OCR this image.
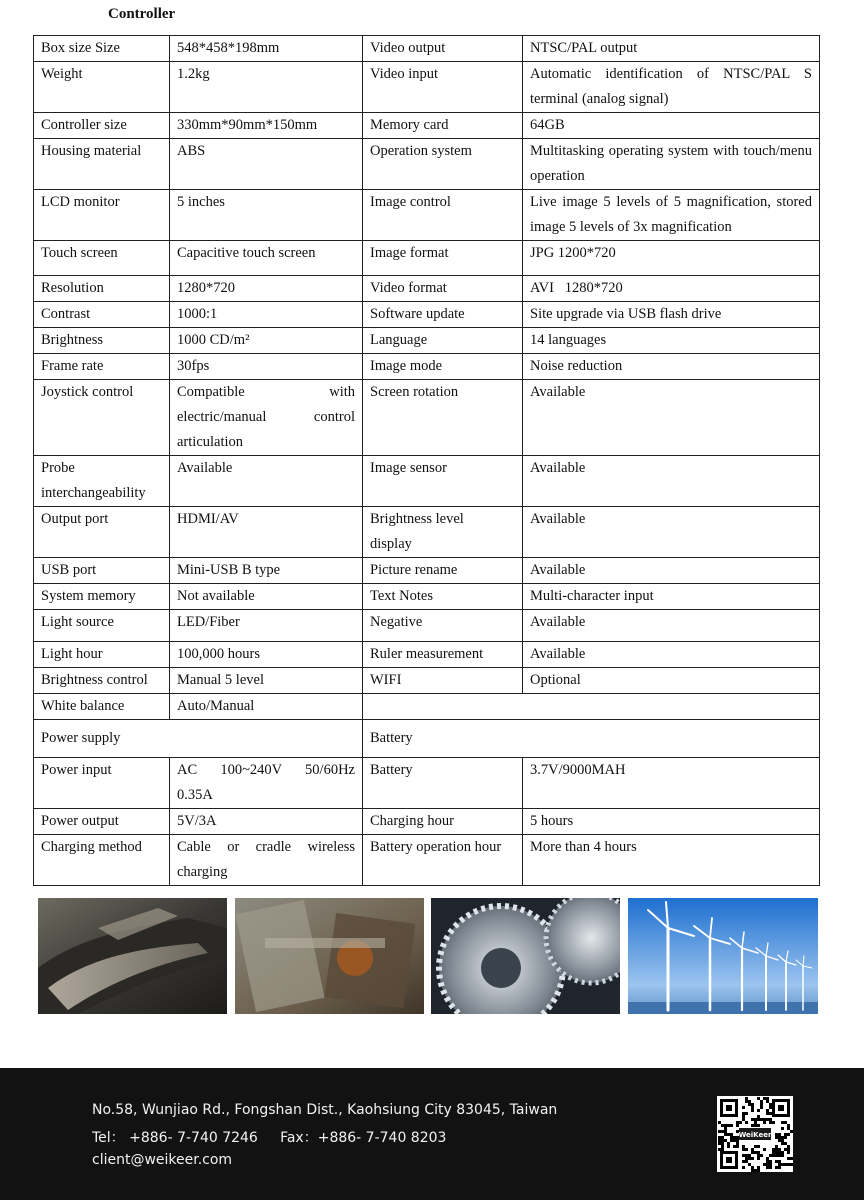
Controller
Box size Size	548*458*198mm	Video output	NTSC/PAL output
Weight	1.2kg	Video input	Automatic identification of NTSC/PAL S terminal (analog signal)
Controller size	330mm*90mm*150mm	Memory card	64GB
Housing material	ABS	Operation system	Multitasking operating system with touch/menu operation
LCD monitor	5 inches	Image control	Live image 5 levels of 5 magnification, stored image 5 levels of 3x magnification
Touch screen	Capacitive touch screen	Image format	JPG 1200*720
Resolution	1280*720	Video format	AVI   1280*720
Contrast	1000:1	Software update	Site upgrade via USB flash drive
Brightness	1000 CD/m²	Language	14 languages
Frame rate	30fps	Image mode	Noise reduction
Joystick control	Compatible with electric/manual control articulation	Screen rotation	Available
Probe interchangeability	Available	Image sensor	Available
Output port	HDMI/AV	Brightness level display	Available
USB port	Mini-USB B type	Picture rename	Available
System memory	Not available	Text Notes	Multi-character input
Light source	LED/Fiber	Negative	Available
Light hour	100,000 hours	Ruler measurement	Available
Brightness control	Manual 5 level	WIFI	Optional
White balance	Auto/Manual		
Power supply		Battery	
Power input	AC  100~240V  50/60Hz 0.35A	Battery	3.7V/9000MAH
Power output	5V/3A	Charging hour	5 hours
Charging method	Cable or cradle wireless charging	Battery operation hour	More than 4 hours
No.58, Wunjiao Rd., Fongshan Dist., Kaohsiung City 83045, Taiwan
Tel： +886- 7-740 7246     Fax：+886- 7-740 8203
client@weikeer.com
WeiKeer
